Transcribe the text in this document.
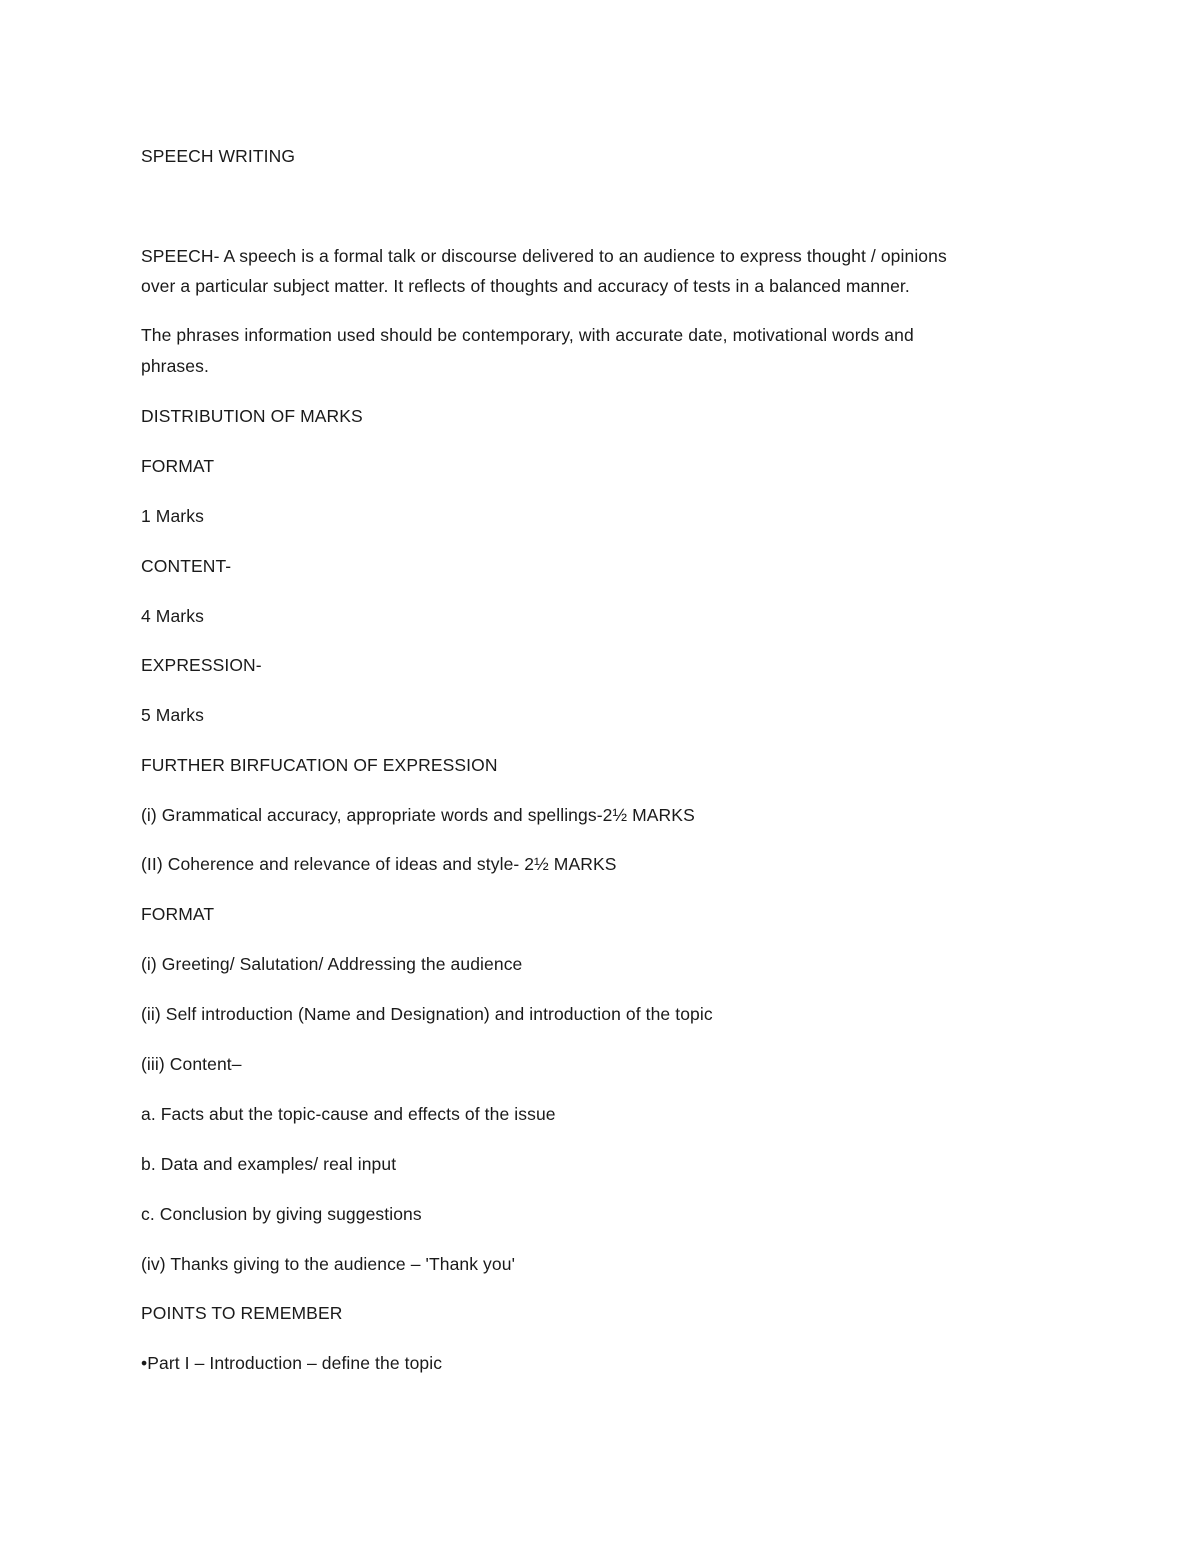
SPEECH WRITING

SPEECH- A speech is a formal talk or discourse delivered to an audience to express thought / opinions

over a particular subject matter. It reflects of thoughts and accuracy of tests in a balanced manner.

The phrases information used should be contemporary, with accurate date, motivational words and

phrases.

DISTRIBUTION OF MARKS

FORMAT

1 Marks

CONTENT-

4 Marks

EXPRESSION-

5 Marks

FURTHER BIRFUCATION OF EXPRESSION

(i) Grammatical accuracy, appropriate words and spellings-2½ MARKS

(II) Coherence and relevance of ideas and style- 2½ MARKS

FORMAT

(i) Greeting/ Salutation/ Addressing the audience

(ii) Self introduction (Name and Designation) and introduction of the topic

(iii) Content–

a. Facts abut the topic-cause and effects of the issue

b. Data and examples/ real input

c. Conclusion by giving suggestions

(iv) Thanks giving to the audience – 'Thank you'

POINTS TO REMEMBER

•Part I – Introduction – define the topic
